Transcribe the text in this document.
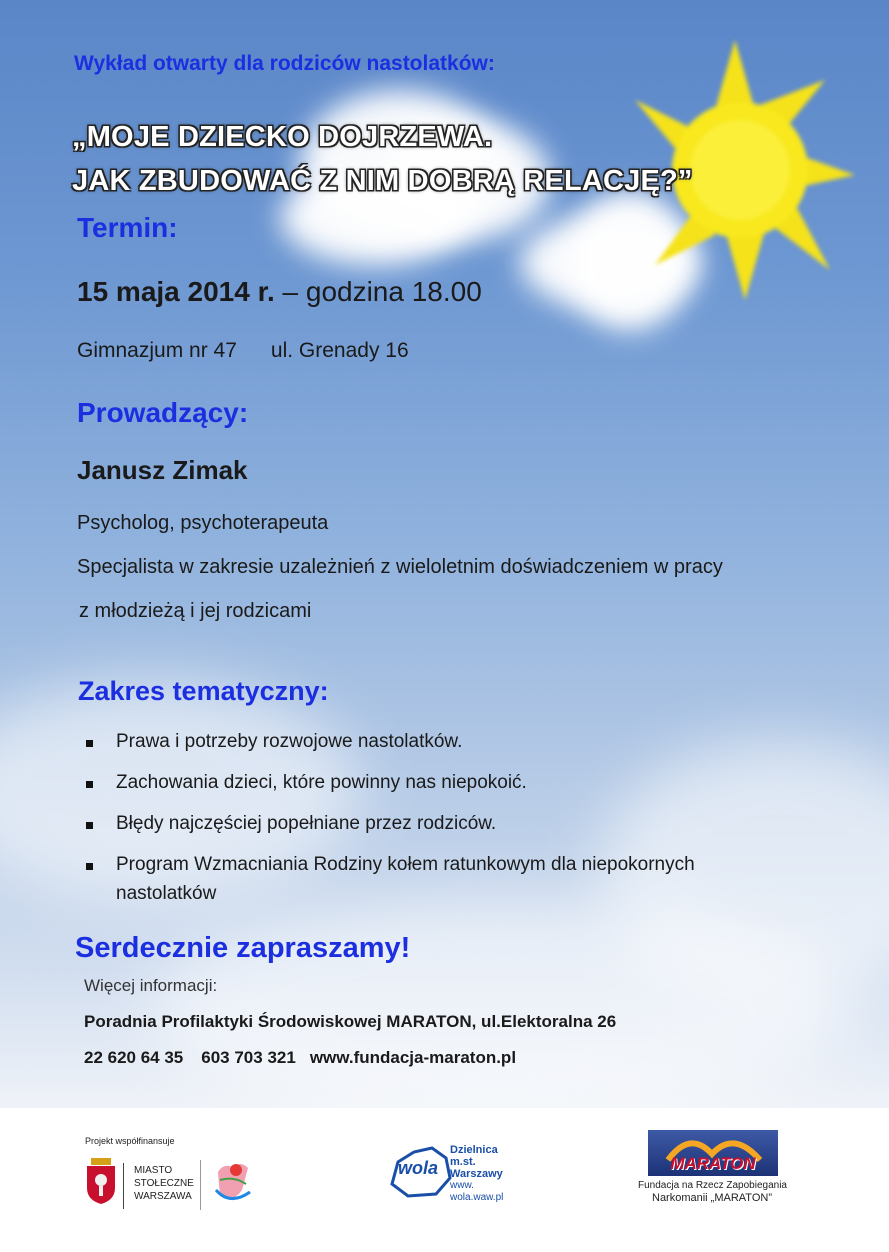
Wykład otwarty dla rodziców nastolatków:
„MOJE DZIECKO DOJRZEWA.
JAK ZBUDOWAĆ Z NIM DOBRĄ RELACJĘ?”
Termin:
15 maja 2014 r. – godzina 18.00
Gimnazjum nr 47 ul. Grenady 16
Prowadzący:
Janusz Zimak
Psycholog, psychoterapeuta
Specjalista w zakresie uzależnień z wieloletnim doświadczeniem w pracy
z młodzieżą i jej rodzicami
Zakres tematyczny:
Prawa i potrzeby rozwojowe nastolatków.
Zachowania dzieci, które powinny nas niepokoić.
Błędy najczęściej popełniane przez rodziców.
Program Wzmacniania Rodziny kołem ratunkowym dla niepokornych
nastolatków
Serdecznie zapraszamy!
Więcej informacji:
Poradnia Profilaktyki Środowiskowej MARATON, ul.Elektoralna 26
22 620 64 35 603 703 321 www.fundacja-maraton.pl
Projekt współfinansuje
MIASTO
STOŁECZNE
WARSZAWA
wola
Dzielnica
m.st.
Warszawy
www.
wola.waw.pl
MARATON
Fundacja na Rzecz Zapobiegania
Narkomanii „MARATON”
